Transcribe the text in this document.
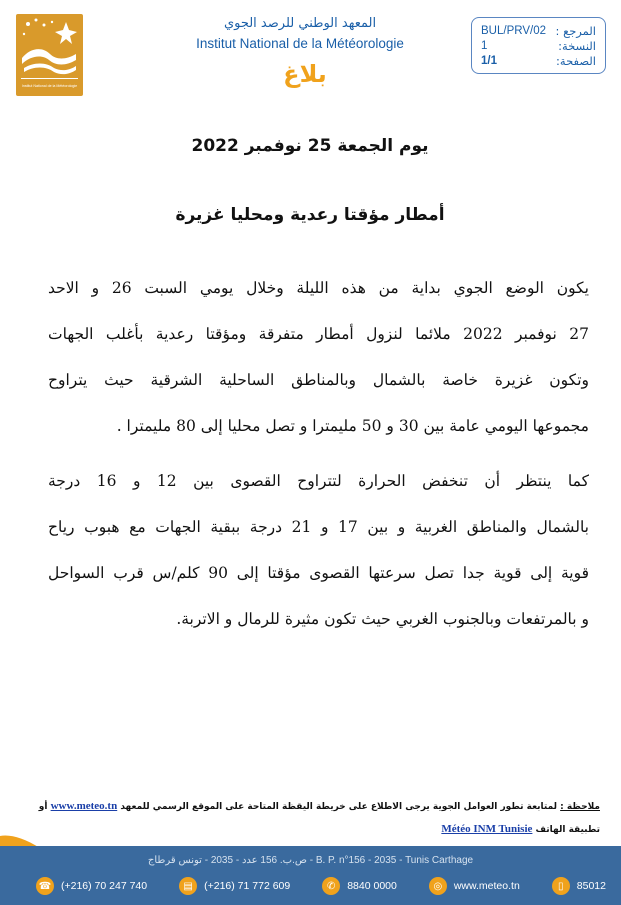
Institut National de la Météorologie
المعهد الوطني للرصد الجوي
Institut National de la Météorologie
بلاغ
المرجع :
BUL/PRV/02
النسخة:
1
الصفحة:
1/1
يوم الجمعة 25 نوفمبر 2022
أمطار مؤقتا رعدية ومحليا غزيرة
يكون الوضع الجوي بداية من هذه الليلة وخلال يومي السبت 26 و الاحد
27 نوفمبر 2022 ملائما لنزول أمطار متفرقة ومؤقتا رعدية بأغلب الجهات
وتكون غزيرة خاصة بالشمال وبالمناطق الساحلية الشرقية حيث يتراوح
مجموعها اليومي عامة بين 30 و 50 مليمترا و تصل محليا إلى 80 مليمترا .
كما ينتظر أن تنخفض الحرارة لتتراوح القصوى بين 12 و 16 درجة
بالشمال والمناطق الغربية و بين 17 و 21 درجة ببقية الجهات مع هبوب رياح
قوية إلى قوية جدا تصل سرعتها القصوى مؤقتا إلى 90 كلم/س قرب السواحل
و بالمرتفعات وبالجنوب الغربي حيث تكون مثيرة للرمال و الاتربة.
ملاحظة : لمتابعة تطور العوامل الجوية يرجى الاطلاع على خريطة اليقظة المتاحة على الموقع الرسمي للمعهد www.meteo.tn أو
تطبيقة الهاتف Météo INM Tunisie
ص.ب. 156 عدد - 2035 - تونس قرطاج - B. P. n°156 - 2035 - Tunis Carthage
☎ (+216) 70 247 740	▤	(+216) 71 772 609	✆	8840 0000	◎	www.meteo.tn	▯	85012
